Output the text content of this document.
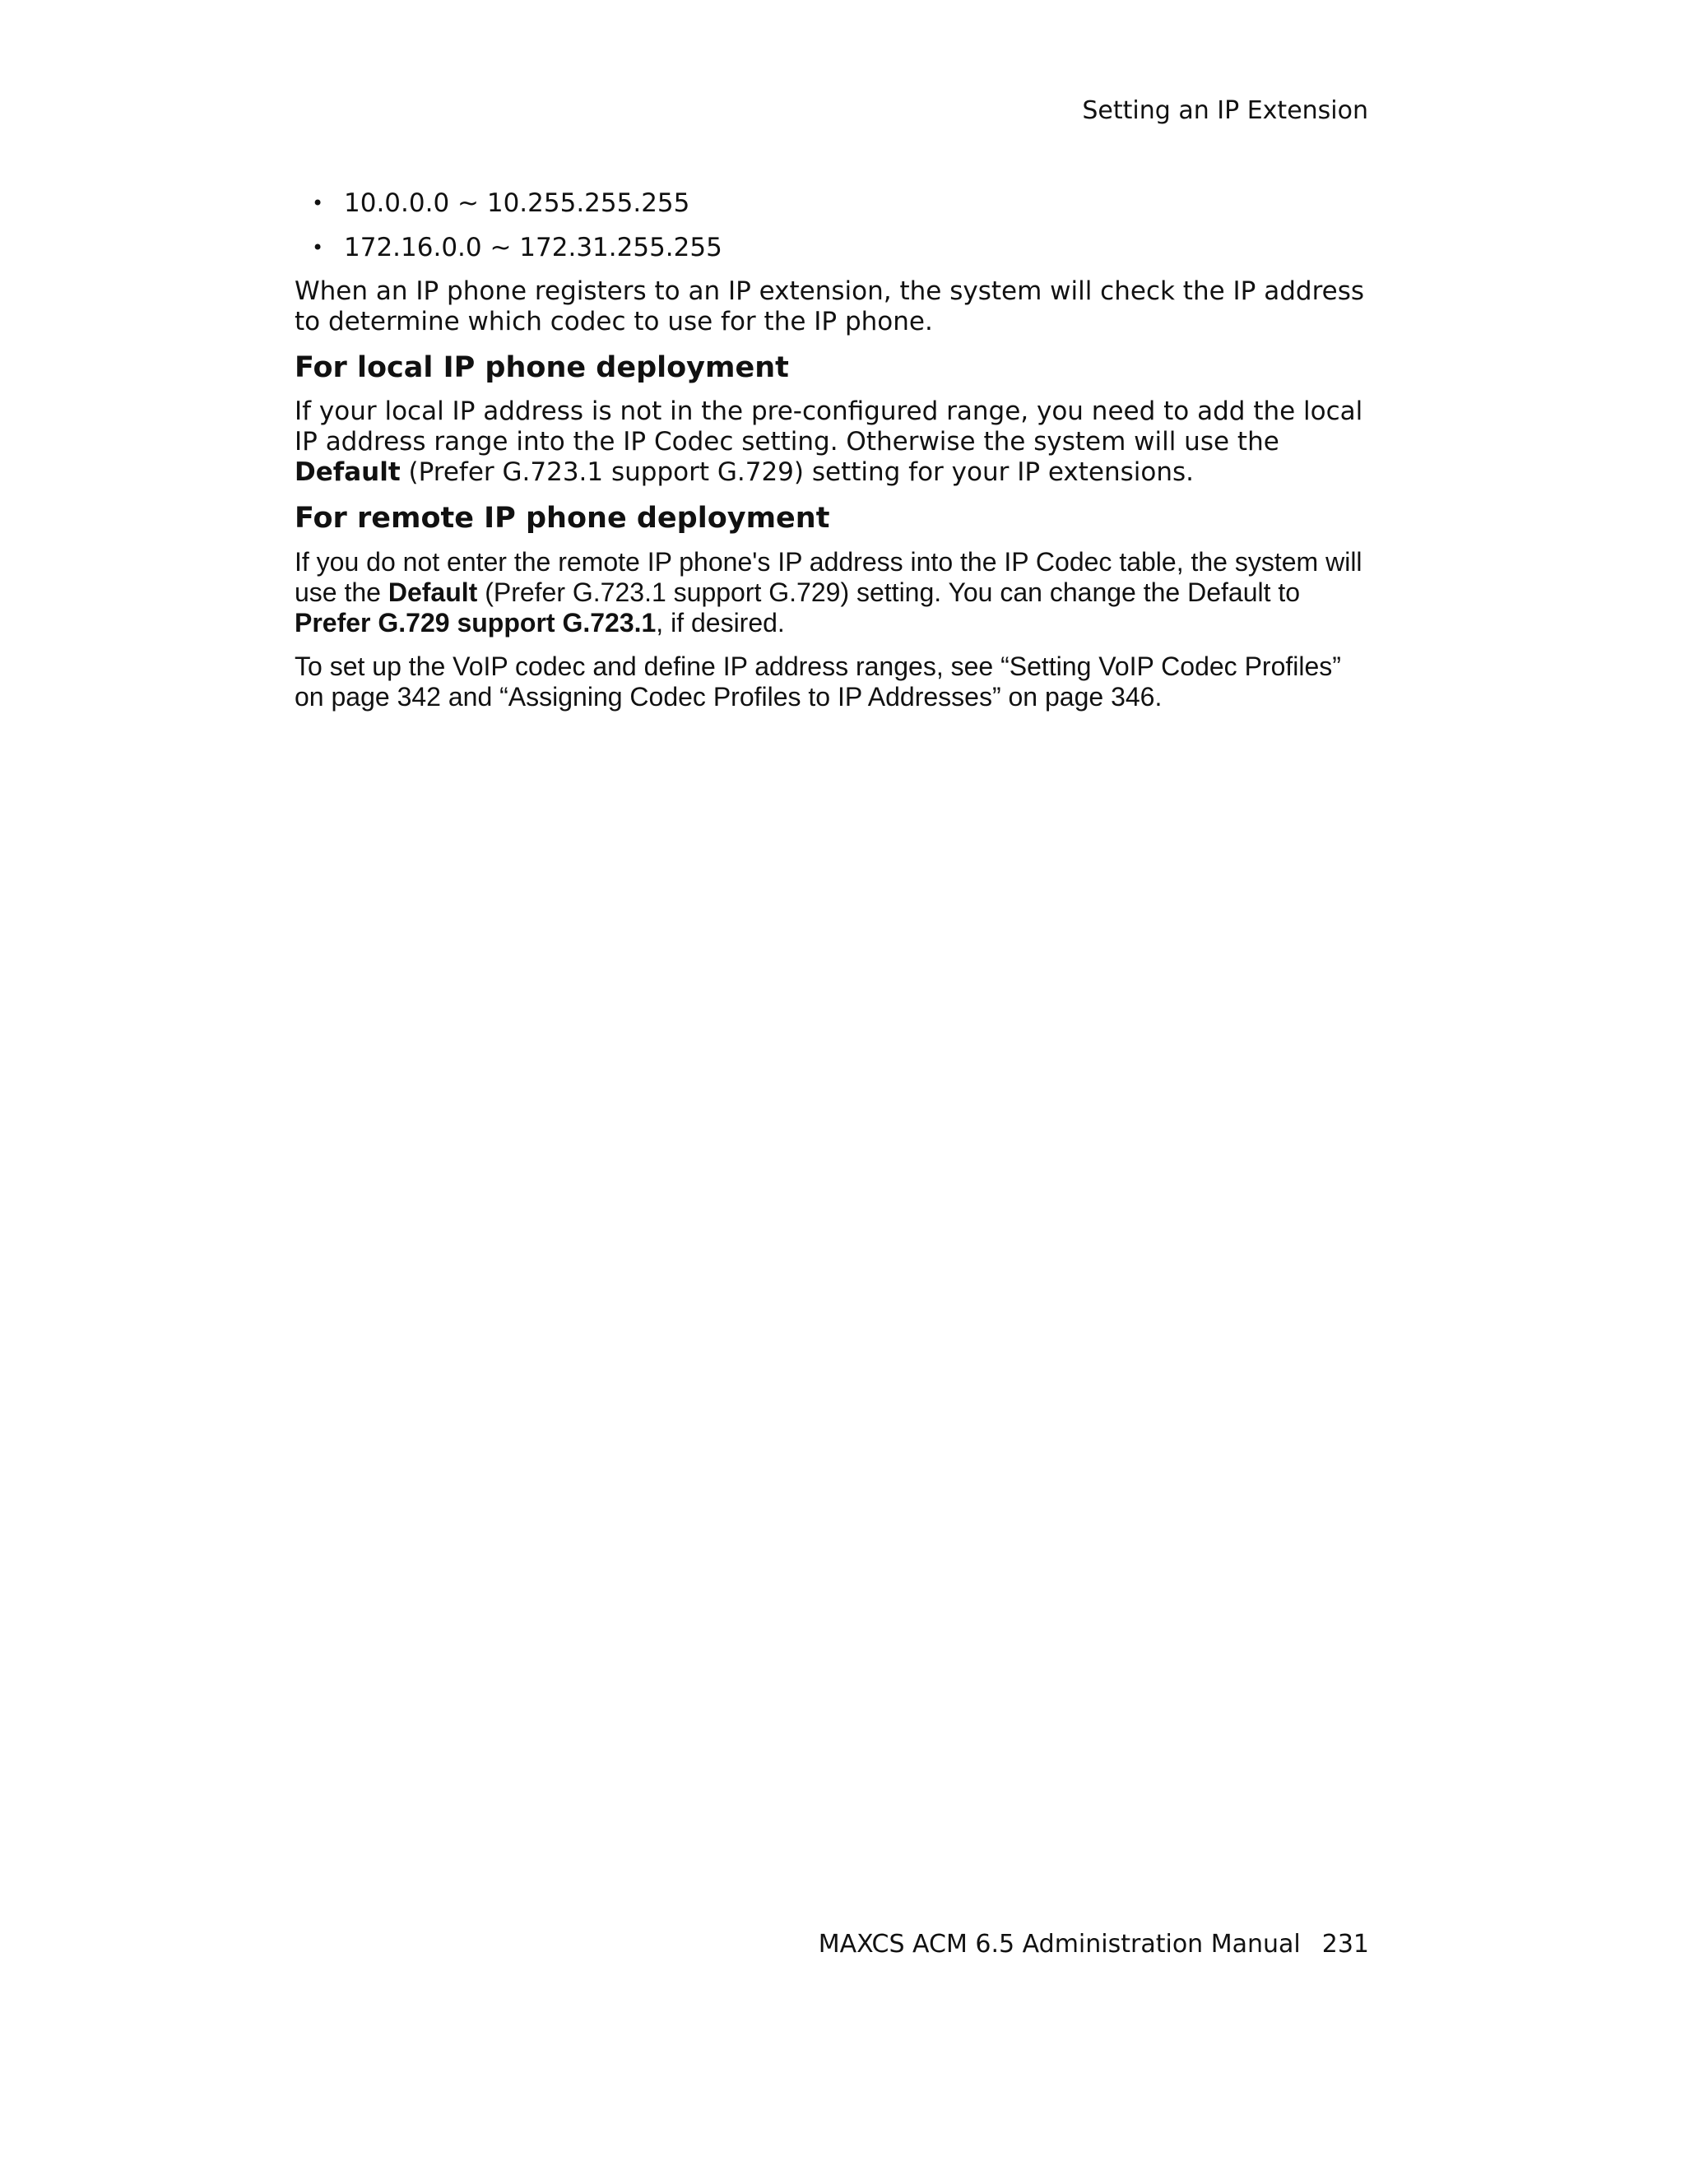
Setting an IP Extension
• 10.0.0.0 ~ 10.255.255.255
• 172.16.0.0 ~ 172.31.255.255

When an IP phone registers to an IP extension, the system will check the IP address to determine which codec to use for the IP phone.

For local IP phone deployment

If your local IP address is not in the pre-configured range, you need to add the local IP address range into the IP Codec setting. Otherwise the system will use the Default (Prefer G.723.1 support G.729) setting for your IP extensions.

For remote IP phone deployment

If you do not enter the remote IP phone's IP address into the IP Codec table, the system will use the Default (Prefer G.723.1 support G.729) setting. You can change the Default to Prefer G.729 support G.723.1, if desired.

To set up the VoIP codec and define IP address ranges, see “Setting VoIP Codec Profiles” on page 342 and “Assigning Codec Profiles to IP Addresses” on page 346.

MAXCS ACM 6.5 Administration Manual 231
